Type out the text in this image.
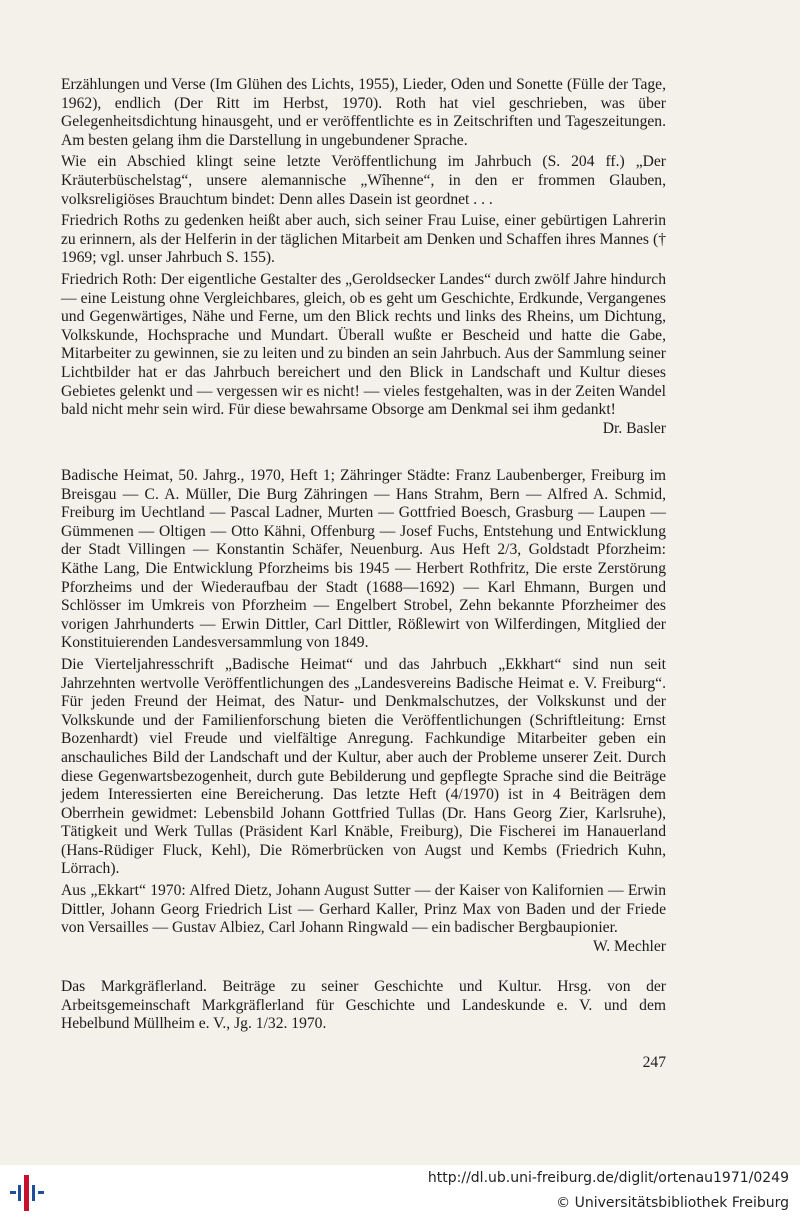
Erzählungen und Verse (Im Glühen des Lichts, 1955), Lieder, Oden und Sonette (Fülle der Tage, 1962), endlich (Der Ritt im Herbst, 1970). Roth hat viel geschrieben, was über Gelegenheitsdichtung hinausgeht, und er veröffentlichte es in Zeitschriften und Tageszeitungen. Am besten gelang ihm die Darstellung in ungebundener Sprache.

Wie ein Abschied klingt seine letzte Veröffentlichung im Jahrbuch (S. 204 ff.) „Der Kräuterbüschelstag“, unsere alemannische „Wîhenne“, in den er frommen Glauben, volksreligiöses Brauchtum bindet: Denn alles Dasein ist geordnet . . .

Friedrich Roths zu gedenken heißt aber auch, sich seiner Frau Luise, einer gebürtigen Lahrerin zu erinnern, als der Helferin in der täglichen Mitarbeit am Denken und Schaffen ihres Mannes († 1969; vgl. unser Jahrbuch S. 155).

Friedrich Roth: Der eigentliche Gestalter des „Geroldsecker Landes“ durch zwölf Jahre hindurch — eine Leistung ohne Vergleichbares, gleich, ob es geht um Geschichte, Erdkunde, Vergangenes und Gegenwärtiges, Nähe und Ferne, um den Blick rechts und links des Rheins, um Dichtung, Volkskunde, Hochsprache und Mundart. Überall wußte er Bescheid und hatte die Gabe, Mitarbeiter zu gewinnen, sie zu leiten und zu binden an sein Jahrbuch. Aus der Sammlung seiner Lichtbilder hat er das Jahrbuch bereichert und den Blick in Landschaft und Kultur dieses Gebietes gelenkt und — vergessen wir es nicht! — vieles festgehalten, was in der Zeiten Wandel bald nicht mehr sein wird. Für diese bewahrsame Obsorge am Denkmal sei ihm gedankt!
Dr. Basler

Badische Heimat, 50. Jahrg., 1970, Heft 1; Zähringer Städte: Franz Laubenberger, Freiburg im Breisgau — C. A. Müller, Die Burg Zähringen — Hans Strahm, Bern — Alfred A. Schmid, Freiburg im Uechtland — Pascal Ladner, Murten — Gottfried Boesch, Grasburg — Laupen — Gümmenen — Oltigen — Otto Kähni, Offenburg — Josef Fuchs, Entstehung und Entwicklung der Stadt Villingen — Konstantin Schäfer, Neuenburg. Aus Heft 2/3, Goldstadt Pforzheim: Käthe Lang, Die Entwicklung Pforzheims bis 1945 — Herbert Rothfritz, Die erste Zerstörung Pforzheims und der Wiederaufbau der Stadt (1688—1692) — Karl Ehmann, Burgen und Schlösser im Umkreis von Pforzheim — Engelbert Strobel, Zehn bekannte Pforzheimer des vorigen Jahrhunderts — Erwin Dittler, Carl Dittler, Rößlewirt von Wilferdingen, Mitglied der Konstituierenden Landesversammlung von 1849.

Die Vierteljahresschrift „Badische Heimat“ und das Jahrbuch „Ekkhart“ sind nun seit Jahrzehnten wertvolle Veröffentlichungen des „Landesvereins Badische Heimat e. V. Freiburg“. Für jeden Freund der Heimat, des Natur- und Denkmalschutzes, der Volkskunst und der Volkskunde und der Familienforschung bieten die Veröffentlichungen (Schriftleitung: Ernst Bozenhardt) viel Freude und vielfältige Anregung. Fachkundige Mitarbeiter geben ein anschauliches Bild der Landschaft und der Kultur, aber auch der Probleme unserer Zeit. Durch diese Gegenwartsbezogenheit, durch gute Bebilderung und gepflegte Sprache sind die Beiträge jedem Interessierten eine Bereicherung. Das letzte Heft (4/1970) ist in 4 Beiträgen dem Oberrhein gewidmet: Lebensbild Johann Gottfried Tullas (Dr. Hans Georg Zier, Karlsruhe), Tätigkeit und Werk Tullas (Präsident Karl Knäble, Freiburg), Die Fischerei im Hanauerland (Hans-Rüdiger Fluck, Kehl), Die Römerbrücken von Augst und Kembs (Friedrich Kuhn, Lörrach).

Aus „Ekkart“ 1970: Alfred Dietz, Johann August Sutter — der Kaiser von Kalifornien — Erwin Dittler, Johann Georg Friedrich List — Gerhard Kaller, Prinz Max von Baden und der Friede von Versailles — Gustav Albiez, Carl Johann Ringwald — ein badischer Bergbaupionier.
W. Mechler

Das Markgräflerland. Beiträge zu seiner Geschichte und Kultur. Hrsg. von der Arbeitsgemeinschaft Markgräflerland für Geschichte und Landeskunde e. V. und dem Hebelbund Müllheim e. V., Jg. 1/32. 1970.

247
http://dl.ub.uni-freiburg.de/diglit/ortenau1971/0249
© Universitätsbibliothek Freiburg
